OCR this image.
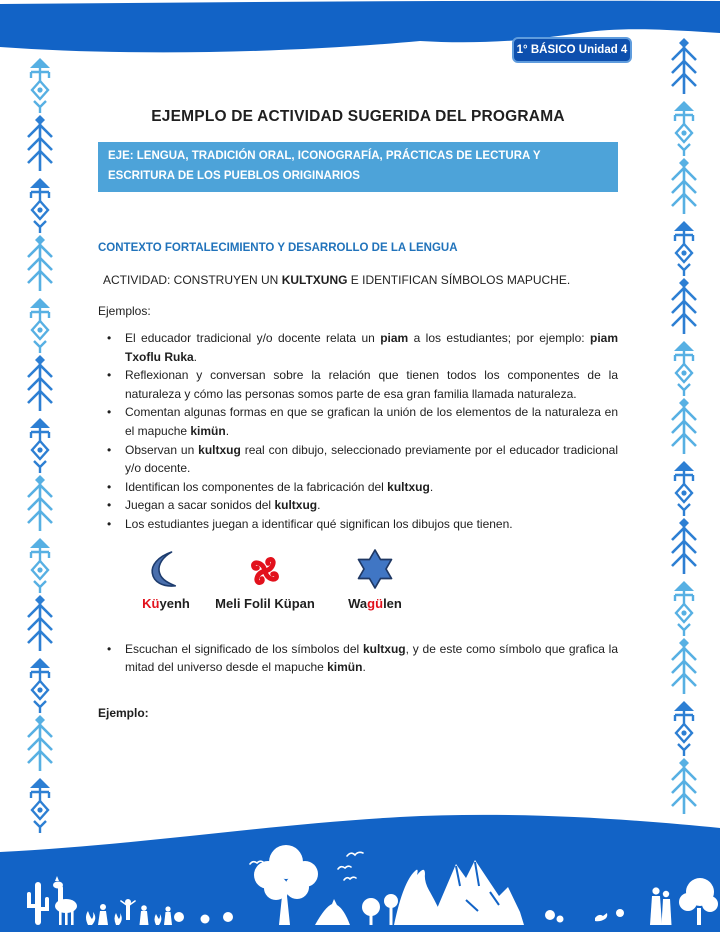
1° BÁSICO Unidad 4
EJEMPLO DE ACTIVIDAD SUGERIDA DEL PROGRAMA
EJE: LENGUA, TRADICIÓN ORAL, ICONOGRAFÍA, PRÁCTICAS DE LECTURA Y ESCRITURA DE LOS PUEBLOS ORIGINARIOS
CONTEXTO FORTALECIMIENTO Y DESARROLLO DE LA LENGUA

ACTIVIDAD: CONSTRUYEN UN KULTXUNG E IDENTIFICAN SÍMBOLOS MAPUCHE.

Ejemplos:

• El educador tradicional y/o docente relata un piam a los estudiantes; por ejemplo: piam Txoflu Ruka.
• Reflexionan y conversan sobre la relación que tienen todos los componentes de la naturaleza y cómo las personas somos parte de esa gran familia llamada naturaleza.
• Comentan algunas formas en que se grafican la unión de los elementos de la naturaleza en el mapuche kimün.
• Observan un kultxug real con dibujo, seleccionado previamente por el educador tradicional y/o docente.
• Identifican los componentes de la fabricación del kultxug.
• Juegan a sacar sonidos del kultxug.
• Los estudiantes juegan a identificar qué significan los dibujos que tienen.
Küyenh Meli Folil Küpan	Wagülen
• Escuchan el significado de los símbolos del kultxug, y de este como símbolo que grafica la mitad del universo desde el mapuche kimün.

Ejemplo:
